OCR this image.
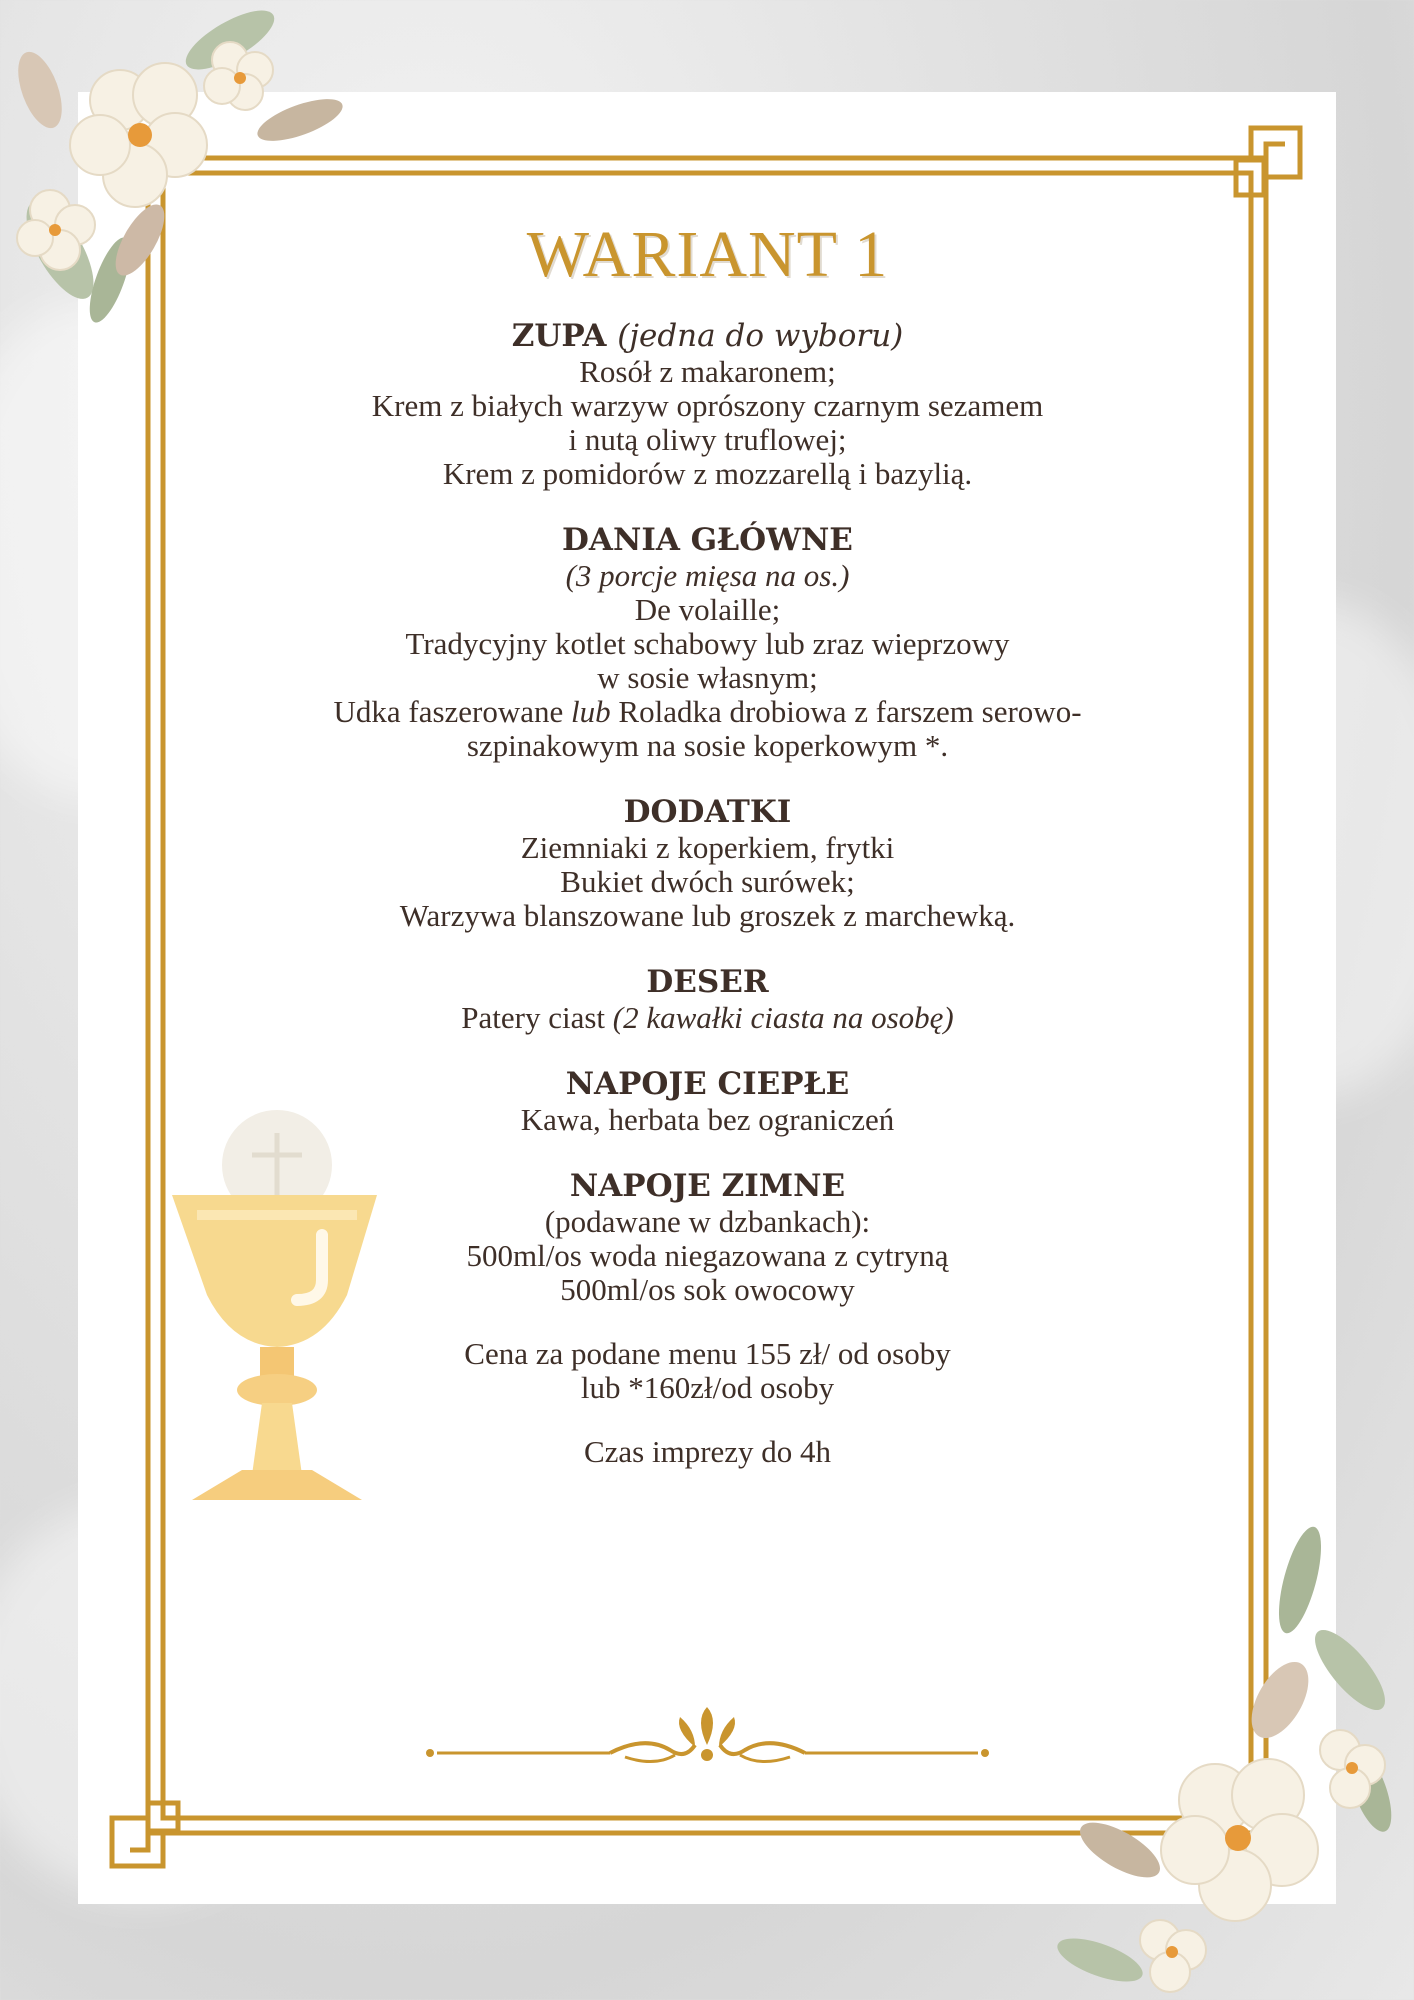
WARIANT 1
ZUPA (jedna do wyboru)
Rosół z makaronem;
Krem z białych warzyw oprószony czarnym sezamem
i nutą oliwy truflowej;
Krem z pomidorów z mozzarellą i bazylią.
DANIA GŁÓWNE
(3 porcje mięsa na os.)
De volaille;
Tradycyjny kotlet schabowy lub zraz wieprzowy
w sosie własnym;
Udka faszerowane lub Roladka drobiowa z farszem serowo-
szpinakowym na sosie koperkowym *.
DODATKI
Ziemniaki z koperkiem, frytki
Bukiet dwóch surówek;
Warzywa blanszowane lub groszek z marchewką.
DESER
Patery ciast (2 kawałki ciasta na osobę)
NAPOJE CIEPŁE
Kawa, herbata bez ograniczeń
NAPOJE ZIMNE
(podawane w dzbankach):
500ml/os woda niegazowana z cytryną
500ml/os sok owocowy
Cena za podane menu 155 zł/ od osoby
lub *160zł/od osoby
Czas imprezy do 4h
